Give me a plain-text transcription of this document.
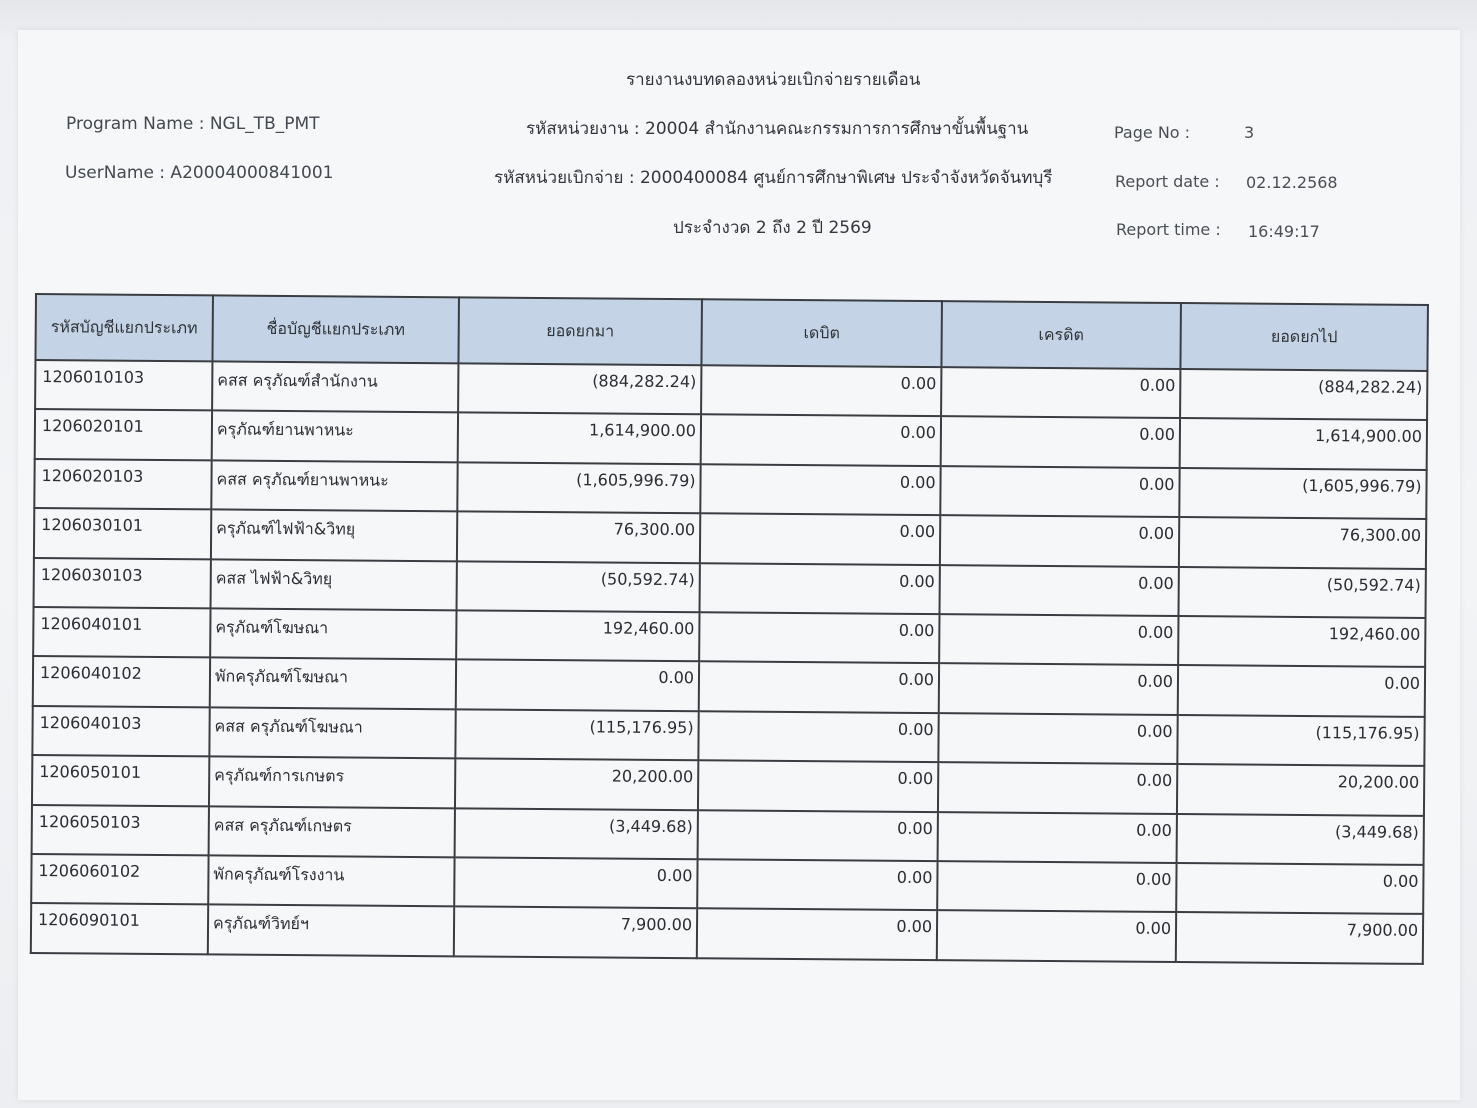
รายงานงบทดลองหน่วยเบิกจ่ายรายเดือน
Program Name : NGL_TB_PMT
UserName : A20004000841001
รหัสหน่วยงาน : 20004 สำนักงานคณะกรรมการการศึกษาขั้นพื้นฐาน
รหัสหน่วยเบิกจ่าย : 2000400084 ศูนย์การศึกษาพิเศษ ประจำจังหวัดจันทบุรี
ประจำงวด 2 ถึง 2 ปี 2569
Page No :	3
Report date : 02.12.2568
Report time : 16:49:17
รหัสบัญชีแยกประเภท	ชื่อบัญชีแยกประเภท	ยอดยกมา	เดบิต	เครดิต	ยอดยกไป
1206010103	คสส ครุภัณฑ์สำนักงาน	(884,282.24)	0.00	0.00	(884,282.24)
1206020101	ครุภัณฑ์ยานพาหนะ	1,614,900.00	0.00	0.00	1,614,900.00
1206020103	คสส ครุภัณฑ์ยานพาหนะ	(1,605,996.79)	0.00	0.00	(1,605,996.79)
1206030101	ครุภัณฑ์ไฟฟ้า&วิทยุ	76,300.00	0.00	0.00	76,300.00
1206030103	คสส ไฟฟ้า&วิทยุ	(50,592.74)	0.00	0.00	(50,592.74)
1206040101	ครุภัณฑ์โฆษณา	192,460.00	0.00	0.00	192,460.00
1206040102	พักครุภัณฑ์โฆษณา	0.00	0.00	0.00	0.00
1206040103	คสส ครุภัณฑ์โฆษณา	(115,176.95)	0.00	0.00	(115,176.95)
1206050101	ครุภัณฑ์การเกษตร	20,200.00	0.00	0.00	20,200.00
1206050103	คสส ครุภัณฑ์เกษตร	(3,449.68)	0.00	0.00	(3,449.68)
1206060102	พักครุภัณฑ์โรงงาน	0.00	0.00	0.00	0.00
1206090101	ครุภัณฑ์วิทย์ฯ	7,900.00	0.00	0.00	7,900.00
